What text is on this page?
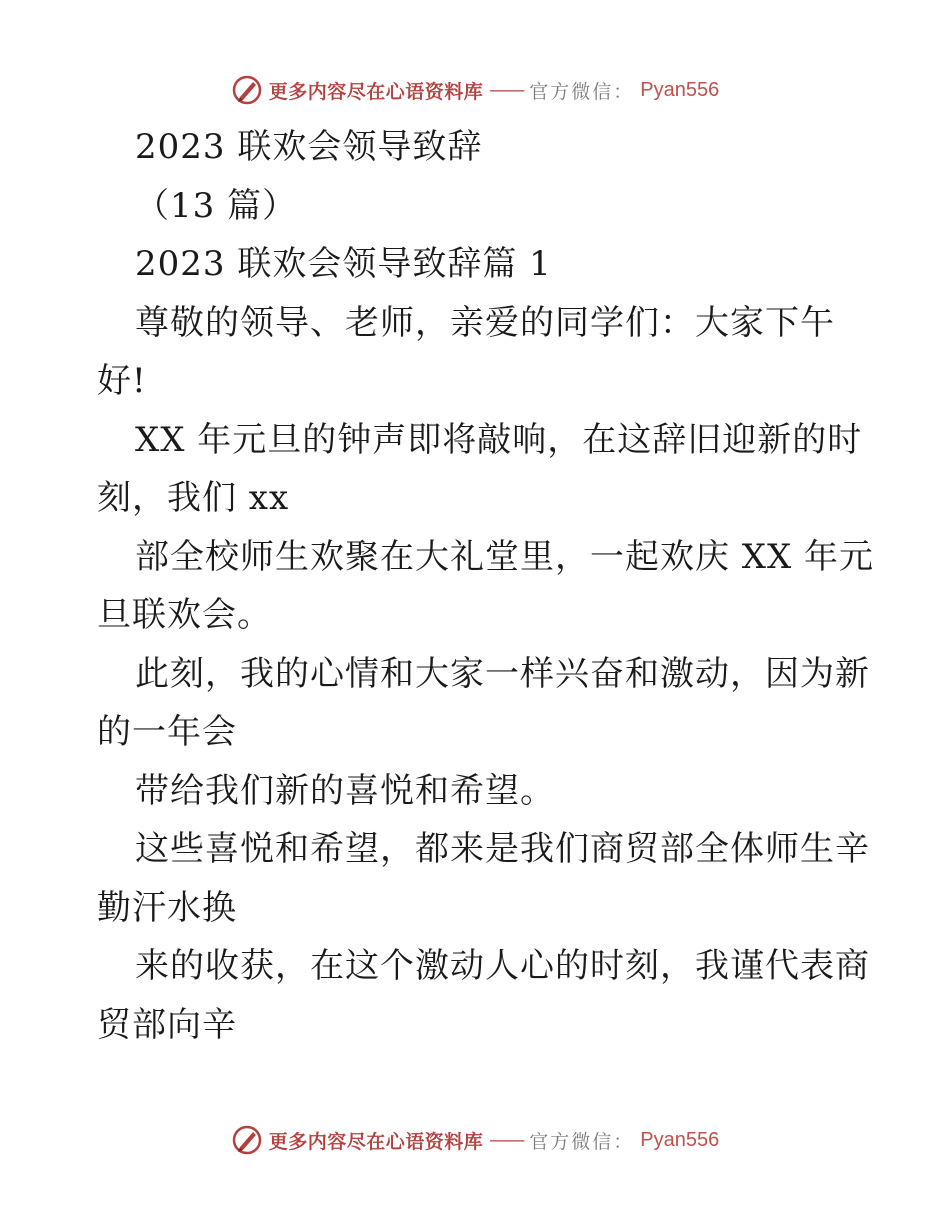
更多内容尽在心语资料库 —— 官方微信： Pyan556
2023 联欢会领导致辞
（13 篇）
2023 联欢会领导致辞篇 1
尊敬的领导、老师，亲爱的同学们：大家下午
好!
XX 年元旦的钟声即将敲响，在这辞旧迎新的时
刻，我们 xx
部全校师生欢聚在大礼堂里，一起欢庆 XX 年元
旦联欢会。
此刻，我的心情和大家一样兴奋和激动，因为新
的一年会
带给我们新的喜悦和希望。
这些喜悦和希望，都来是我们商贸部全体师生辛
勤汗水换
来的收获，在这个激动人心的时刻，我谨代表商
贸部向辛
更多内容尽在心语资料库 —— 官方微信： Pyan556
